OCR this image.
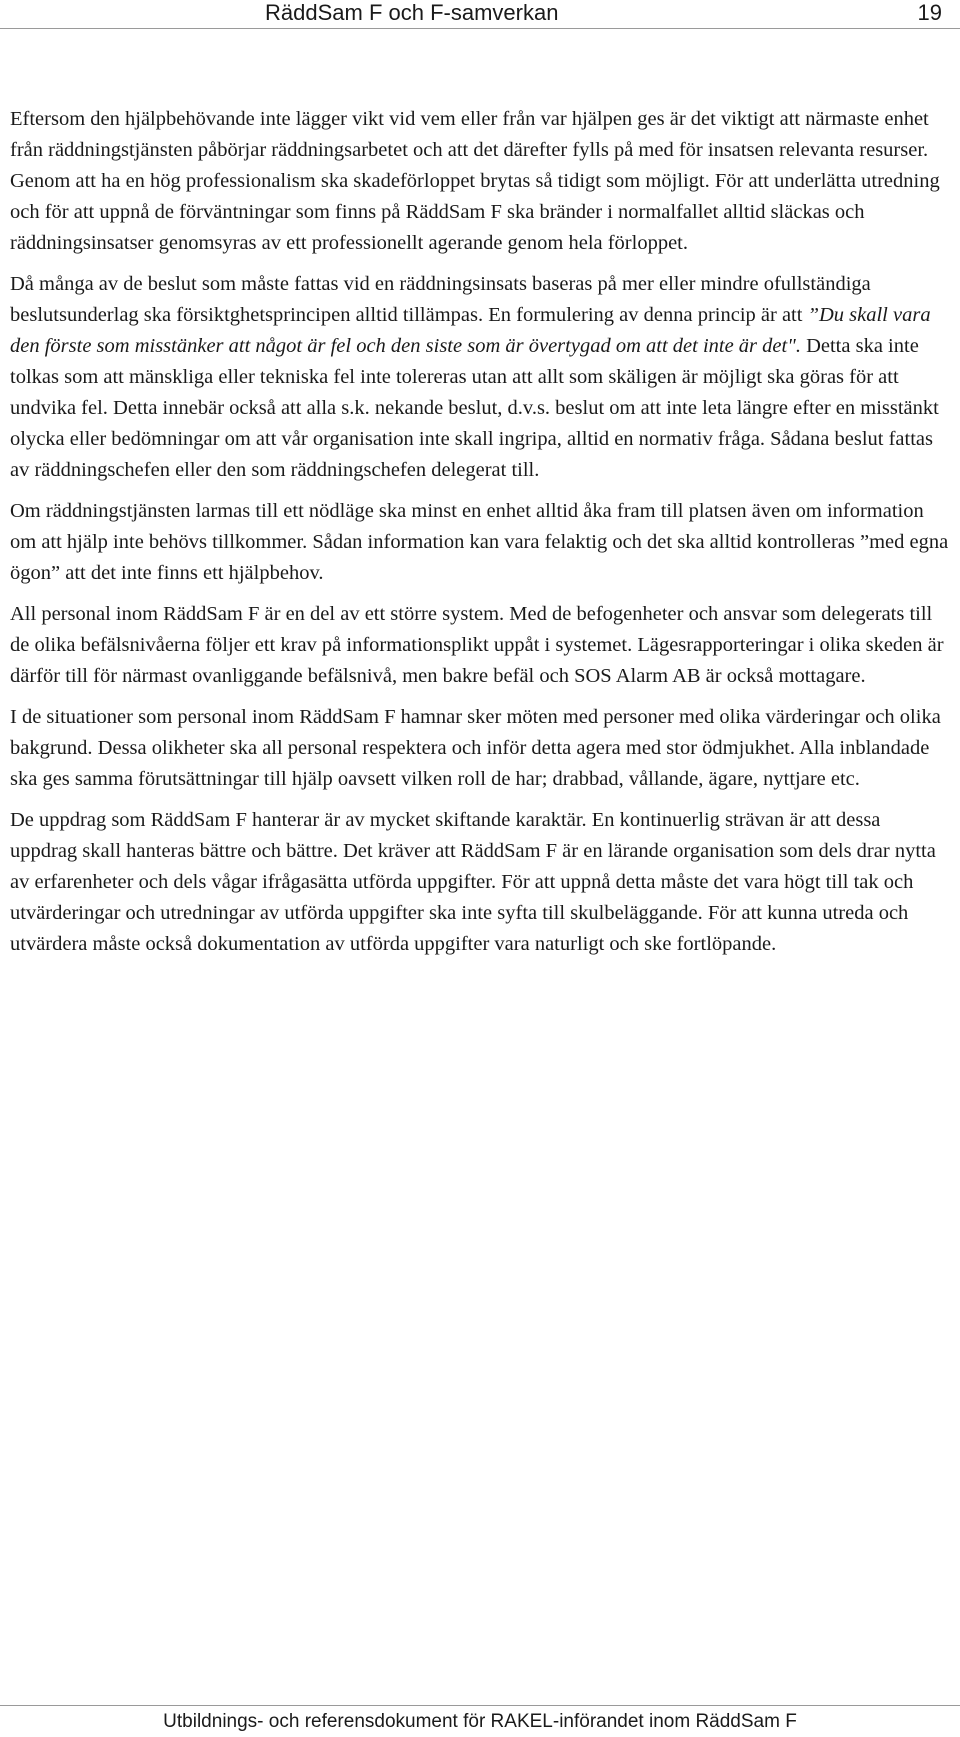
RäddSam F och F-samverkan	19

Eftersom den hjälpbehövande inte lägger vikt vid vem eller från var hjälpen ges är det viktigt att närmaste enhet från räddningstjänsten påbörjar räddningsarbetet och att det därefter fylls på med för insatsen relevanta resurser. Genom att ha en hög professionalism ska skadeförloppet brytas så tidigt som möjligt. För att underlätta utredning och för att uppnå de förväntningar som finns på RäddSam F ska bränder i normalfallet alltid släckas och räddningsinsatser genomsyras av ett professionellt agerande genom hela förloppet.

Då många av de beslut som måste fattas vid en räddningsinsats baseras på mer eller mindre ofullständiga beslutsunderlag ska försiktghetsprincipen alltid tillämpas. En formulering av denna princip är att ”Du skall vara den förste som misstänker att något är fel och den siste som är övertygad om att det inte är det". Detta ska inte tolkas som att mänskliga eller tekniska fel inte tolereras utan att allt som skäligen är möjligt ska göras för att undvika fel. Detta innebär också att alla s.k. nekande beslut, d.v.s. beslut om att inte leta längre efter en misstänkt olycka eller bedömningar om att vår organisation inte skall ingripa, alltid en normativ fråga. Sådana beslut fattas av räddningschefen eller den som räddningschefen delegerat till.

Om räddningstjänsten larmas till ett nödläge ska minst en enhet alltid åka fram till platsen även om information om att hjälp inte behövs tillkommer. Sådan information kan vara felaktig och det ska alltid kontrolleras ”med egna ögon” att det inte finns ett hjälpbehov.

All personal inom RäddSam F är en del av ett större system. Med de befogenheter och ansvar som delegerats till de olika befälsnivåerna följer ett krav på informationsplikt uppåt i systemet. Lägesrapporteringar i olika skeden är därför till för närmast ovanliggande befälsnivå, men bakre befäl och SOS Alarm AB är också mottagare.

I de situationer som personal inom RäddSam F hamnar sker möten med personer med olika värderingar och olika bakgrund. Dessa olikheter ska all personal respektera och inför detta agera med stor ödmjukhet. Alla inblandade ska ges samma förutsättningar till hjälp oavsett vilken roll de har; drabbad, vållande, ägare, nyttjare etc.

De uppdrag som RäddSam F hanterar är av mycket skiftande karaktär. En kontinuerlig strävan är att dessa uppdrag skall hanteras bättre och bättre. Det kräver att RäddSam F är en lärande organisation som dels drar nytta av erfarenheter och dels vågar ifrågasätta utförda uppgifter. För att uppnå detta måste det vara högt till tak och utvärderingar och utredningar av utförda uppgifter ska inte syfta till skulbeläggande. För att kunna utreda och utvärdera måste också dokumentation av utförda uppgifter vara naturligt och ske fortlöpande.

Utbildnings- och referensdokument för RAKEL-införandet inom RäddSam F
